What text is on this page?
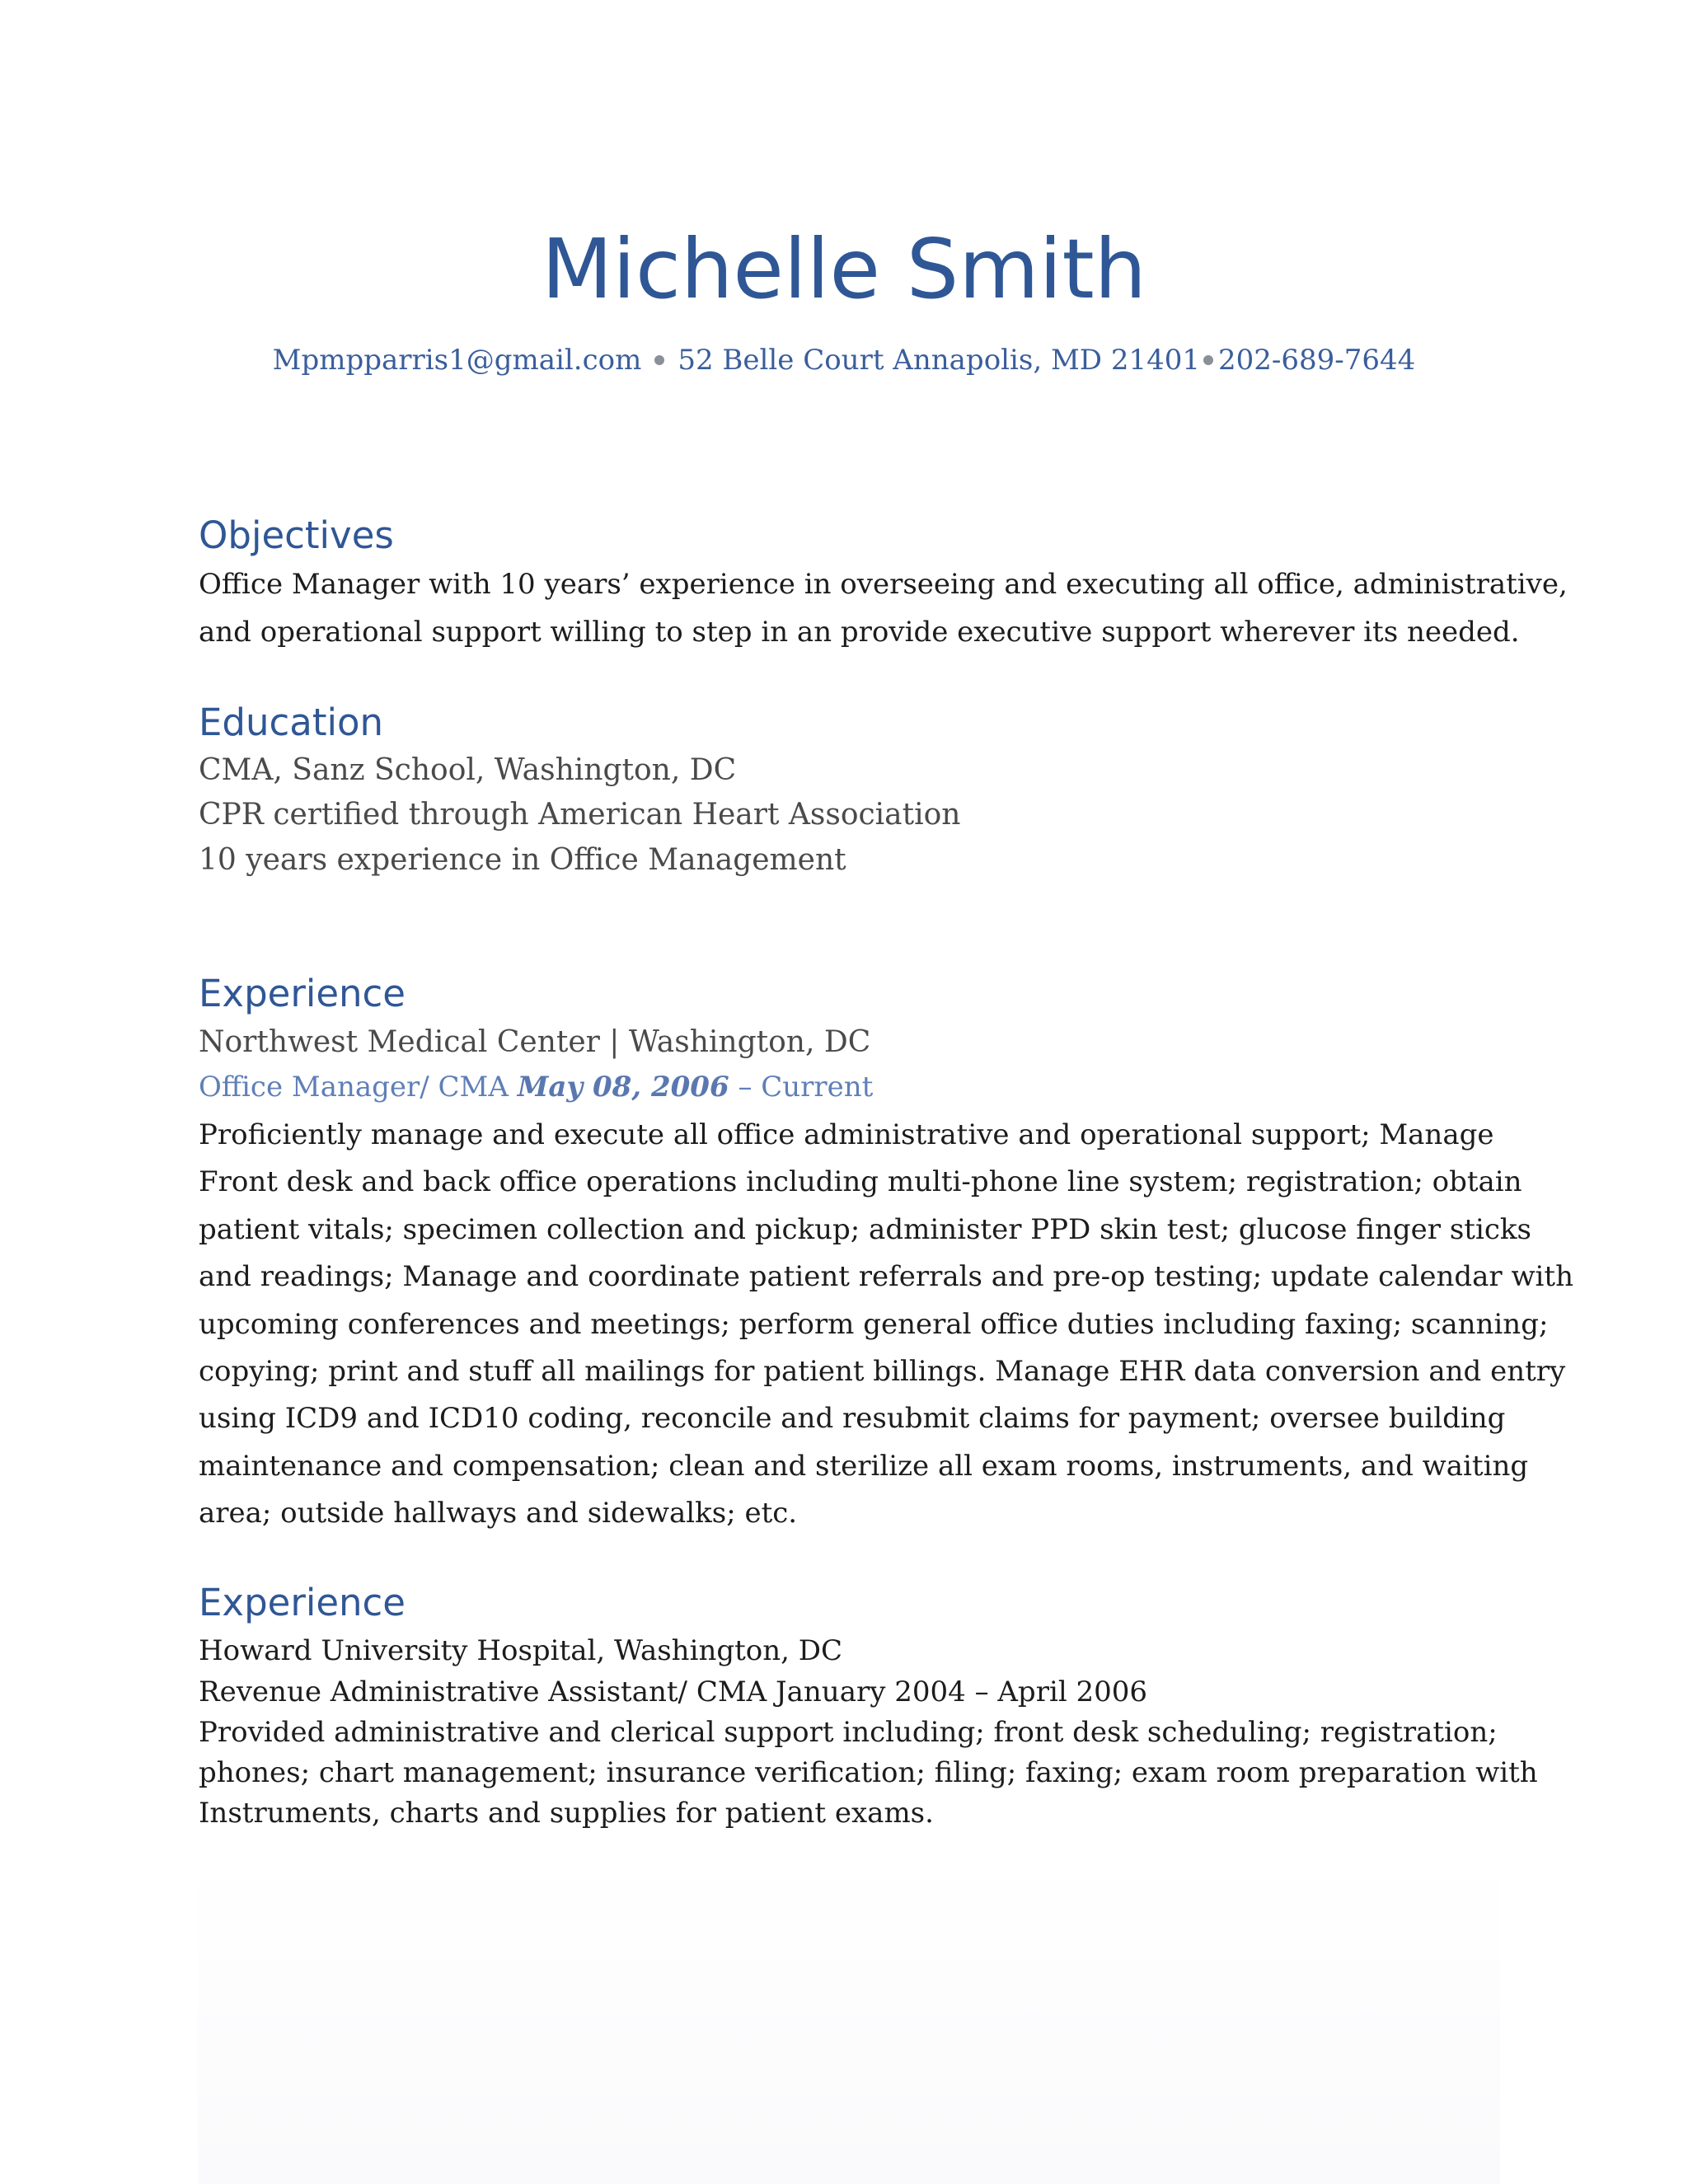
Michelle Smith
Mpmpparris1@gmail.com 52 Belle Court Annapolis, MD 21401 202-689-7644
Objectives
Office Manager with 10 years’ experience in overseeing and executing all office, administrative,
and operational support willing to step in an provide executive support wherever its needed.
Education
CMA, Sanz School, Washington, DC
CPR certified through American Heart Association
10 years experience in Office Management
Experience
Northwest Medical Center | Washington, DC
Office Manager/ CMA May 08, 2006 – Current
Proficiently manage and execute all office administrative and operational support; Manage
Front desk and back office operations including multi-phone line system; registration; obtain
patient vitals; specimen collection and pickup; administer PPD skin test; glucose finger sticks
and readings; Manage and coordinate patient referrals and pre-op testing; update calendar with
upcoming conferences and meetings; perform general office duties including faxing; scanning;
copying; print and stuff all mailings for patient billings. Manage EHR data conversion and entry
using ICD9 and ICD10 coding, reconcile and resubmit claims for payment; oversee building
maintenance and compensation; clean and sterilize all exam rooms, instruments, and waiting
area; outside hallways and sidewalks; etc.
Experience
Howard University Hospital, Washington, DC
Revenue Administrative Assistant/ CMA January 2004 – April 2006
Provided administrative and clerical support including; front desk scheduling; registration;
phones; chart management; insurance verification; filing; faxing; exam room preparation with
Instruments, charts and supplies for patient exams.
